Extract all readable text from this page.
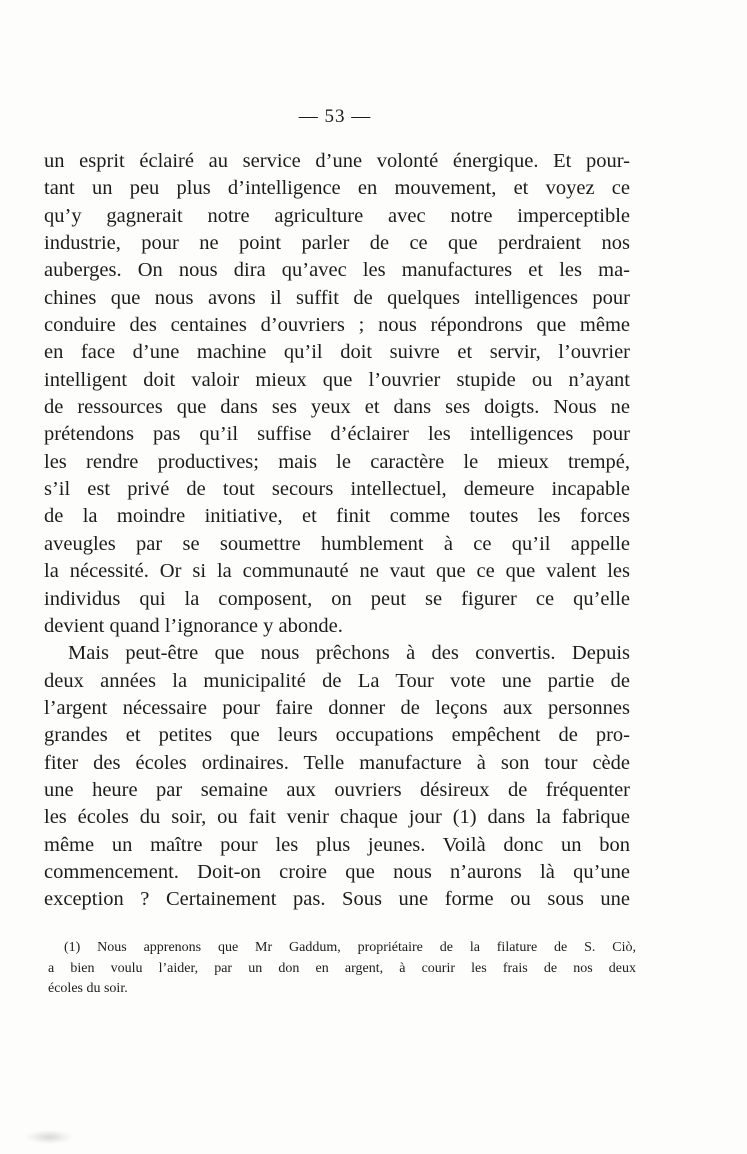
— 53 —
un esprit éclairé au service d’une volonté énergique. Et pour-
tant un peu plus d’intelligence en mouvement, et voyez ce
qu’y gagnerait notre agriculture avec notre imperceptible
industrie, pour ne point parler de ce que perdraient nos
auberges. On nous dira qu’avec les manufactures et les ma-
chines que nous avons il suffit de quelques intelligences pour
conduire des centaines d’ouvriers ; nous répondrons que même
en face d’une machine qu’il doit suivre et servir, l’ouvrier
intelligent doit valoir mieux que l’ouvrier stupide ou n’ayant
de ressources que dans ses yeux et dans ses doigts. Nous ne
prétendons pas qu’il suffise d’éclairer les intelligences pour
les rendre productives; mais le caractère le mieux trempé,
s’il est privé de tout secours intellectuel, demeure incapable
de la moindre initiative, et finit comme toutes les forces
aveugles par se soumettre humblement à ce qu’il appelle
la nécessité. Or si la communauté ne vaut que ce que valent les
individus qui la composent, on peut se figurer ce qu’elle
devient quand l’ignorance y abonde.
Mais peut-être que nous prêchons à des convertis. Depuis
deux années la municipalité de La Tour vote une partie de
l’argent nécessaire pour faire donner de leçons aux personnes
grandes et petites que leurs occupations empêchent de pro-
fiter des écoles ordinaires. Telle manufacture à son tour cède
une heure par semaine aux ouvriers désireux de fréquenter
les écoles du soir, ou fait venir chaque jour (1) dans la fabrique
même un maître pour les plus jeunes. Voilà donc un bon
commencement. Doit-on croire que nous n’aurons là qu’une
exception ? Certainement pas. Sous une forme ou sous une
(1) Nous apprenons que Mr Gaddum, propriétaire de la filature de S. Ciò,
a bien voulu l’aider, par un don en argent, à courir les frais de nos deux
écoles du soir.
